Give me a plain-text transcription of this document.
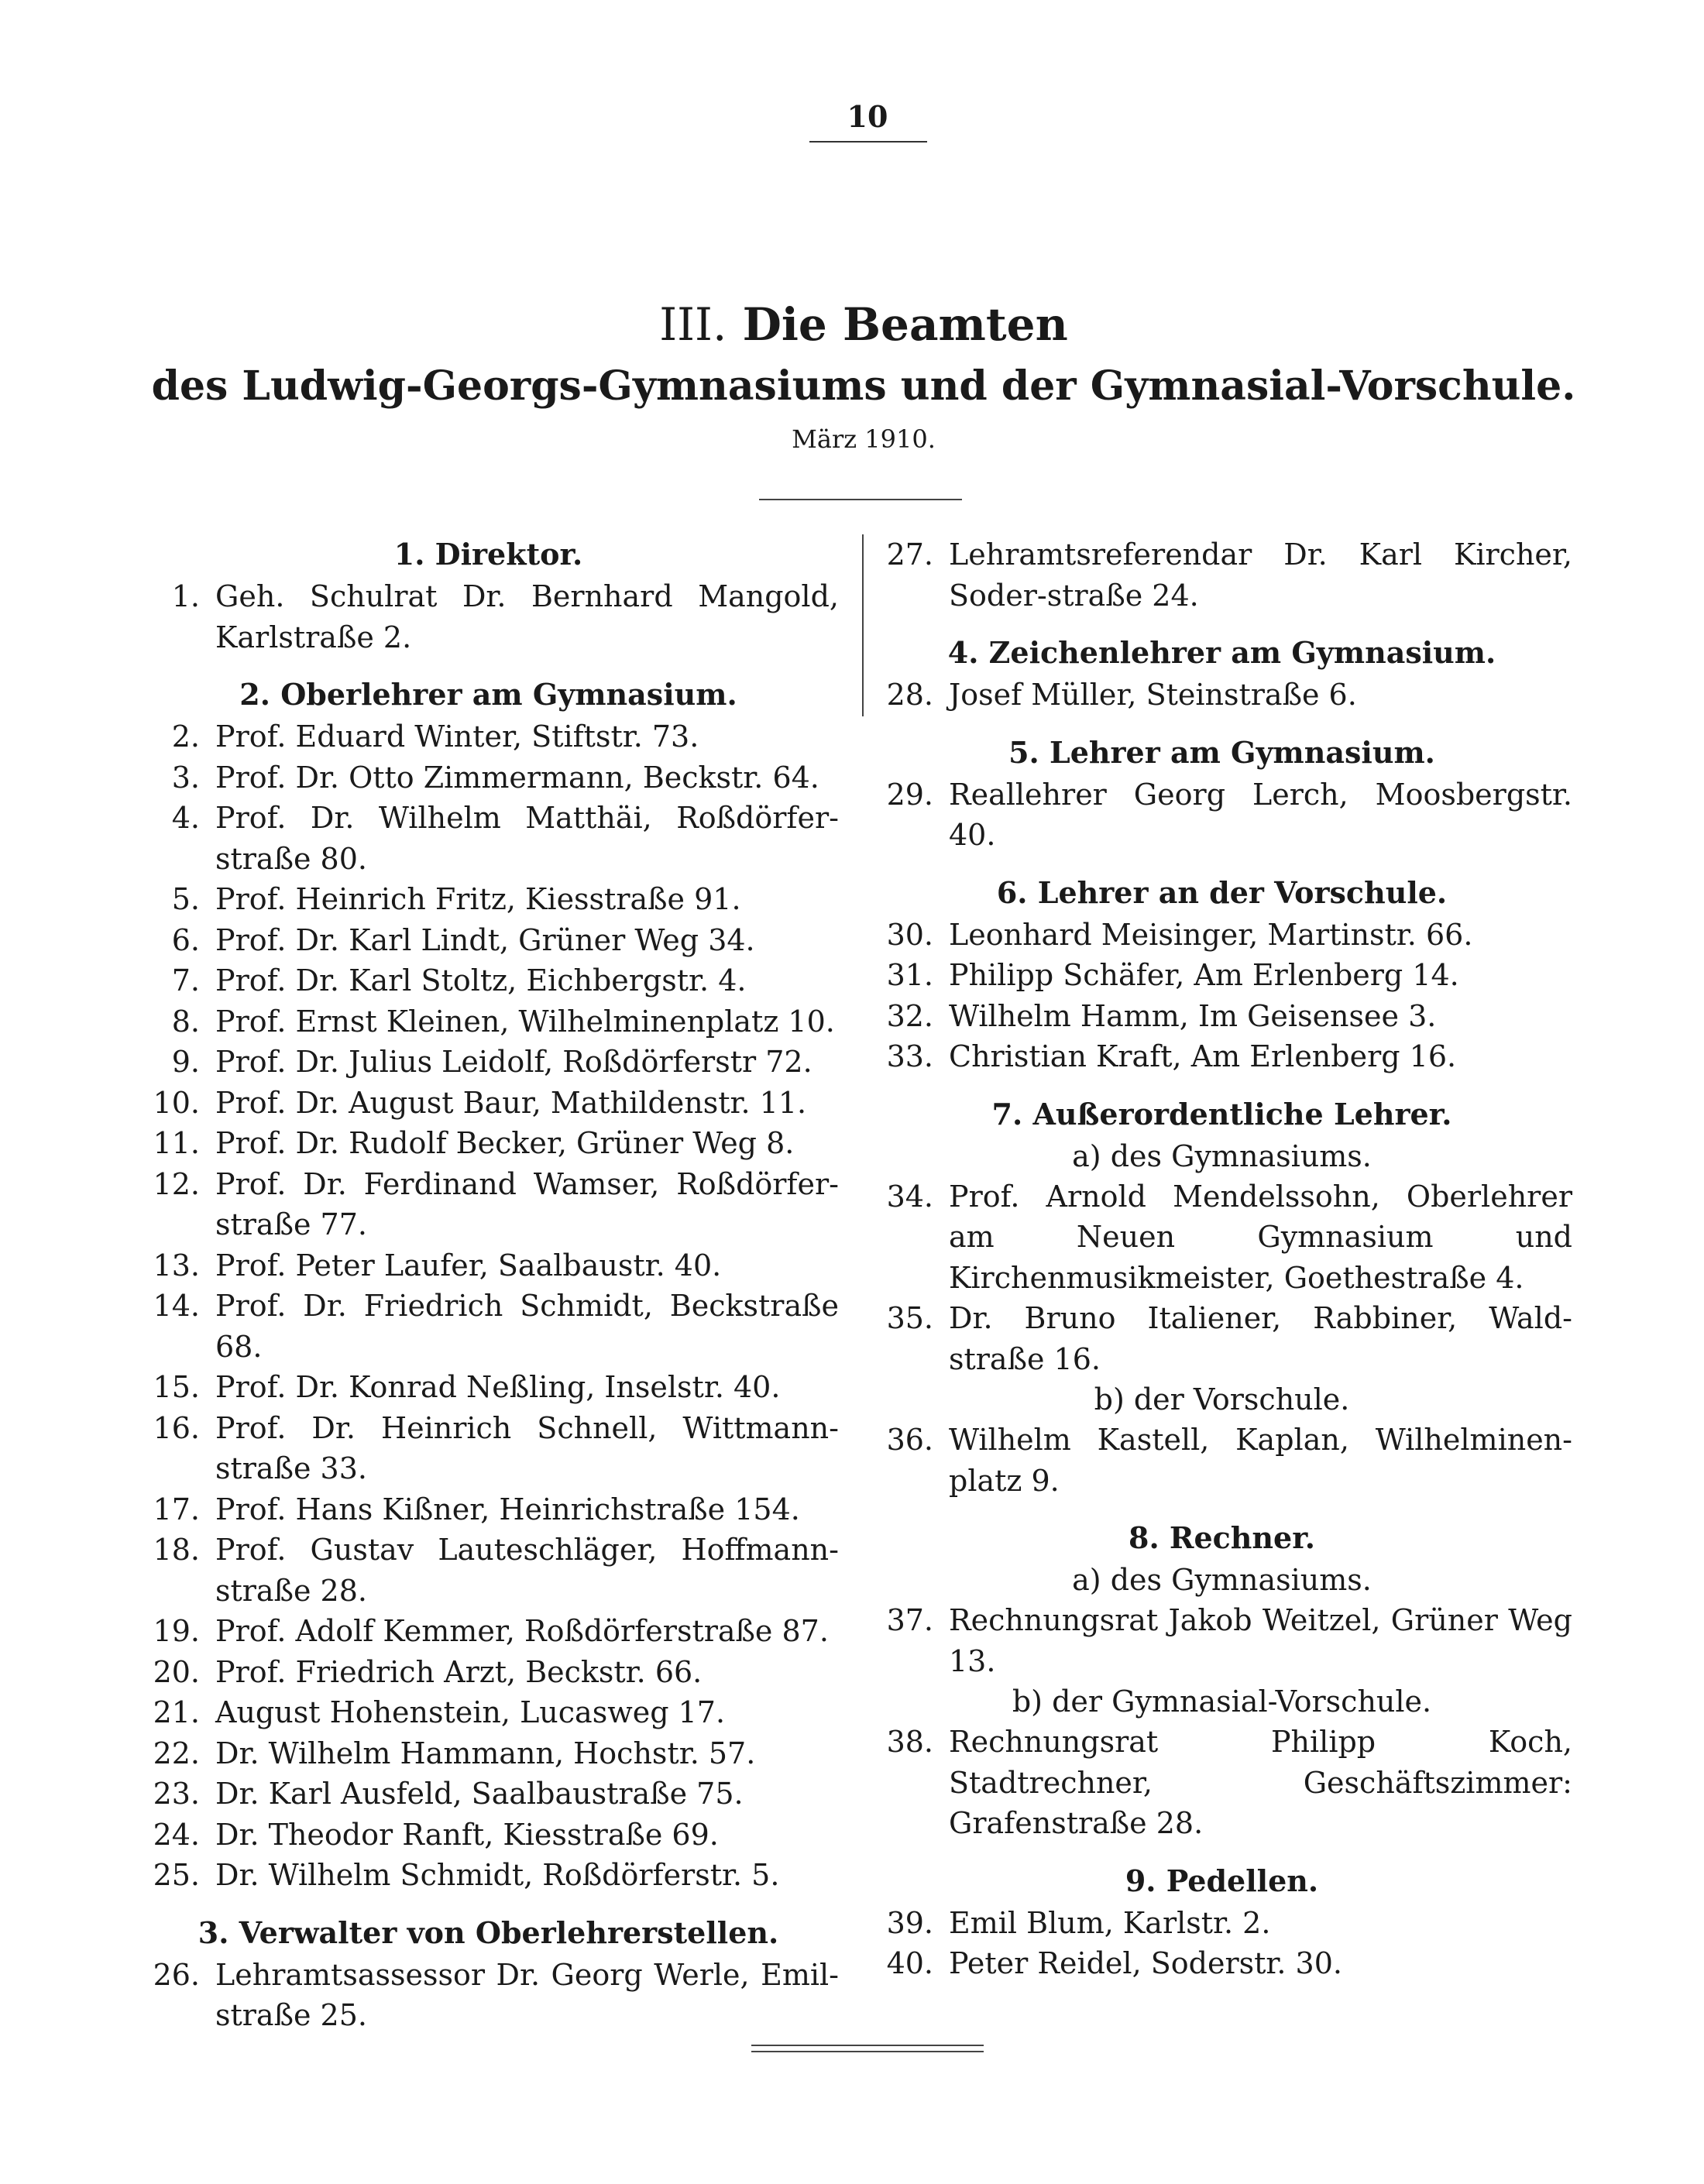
10
III. Die Beamten
des Ludwig-Georgs-Gymnasiums und der Gymnasial-Vorschule.
März 1910.
1. Direktor.
1. Geh. Schulrat Dr. Bernhard Mangold, Karlstraße 2.
2. Oberlehrer am Gymnasium.
2. Prof. Eduard Winter, Stiftstr. 73.
3. Prof. Dr. Otto Zimmermann, Beckstr. 64.
4. Prof. Dr. Wilhelm Matthäi, Roßdörfer-straße 80.
5. Prof. Heinrich Fritz, Kiesstraße 91.
6. Prof. Dr. Karl Lindt, Grüner Weg 34.
7. Prof. Dr. Karl Stoltz, Eichbergstr. 4.
8. Prof. Ernst Kleinen, Wilhelminenplatz 10.
9. Prof. Dr. Julius Leidolf, Roßdörferstr 72.
10. Prof. Dr. August Baur, Mathildenstr. 11.
11. Prof. Dr. Rudolf Becker, Grüner Weg 8.
12. Prof. Dr. Ferdinand Wamser, Roßdörfer-straße 77.
13. Prof. Peter Laufer, Saalbaustr. 40.
14. Prof. Dr. Friedrich Schmidt, Beckstraße 68.
15. Prof. Dr. Konrad Neßling, Inselstr. 40.
16. Prof. Dr. Heinrich Schnell, Wittmann-straße 33.
17. Prof. Hans Kißner, Heinrichstraße 154.
18. Prof. Gustav Lauteschläger, Hoffmann-straße 28.
19. Prof. Adolf Kemmer, Roßdörferstraße 87.
20. Prof. Friedrich Arzt, Beckstr. 66.
21. August Hohenstein, Lucasweg 17.
22. Dr. Wilhelm Hammann, Hochstr. 57.
23. Dr. Karl Ausfeld, Saalbaustraße 75.
24. Dr. Theodor Ranft, Kiesstraße 69.
25. Dr. Wilhelm Schmidt, Roßdörferstr. 5.
3. Verwalter von Oberlehrerstellen.
26. Lehramtsassessor Dr. Georg Werle, Emil-straße 25.
27. Lehramtsreferendar Dr. Karl Kircher, Soder-straße 24.
4. Zeichenlehrer am Gymnasium.
28. Josef Müller, Steinstraße 6.
5. Lehrer am Gymnasium.
29. Reallehrer Georg Lerch, Moosbergstr. 40.
6. Lehrer an der Vorschule.
30. Leonhard Meisinger, Martinstr. 66.
31. Philipp Schäfer, Am Erlenberg 14.
32. Wilhelm Hamm, Im Geisensee 3.
33. Christian Kraft, Am Erlenberg 16.
7. Außerordentliche Lehrer.
a) des Gymnasiums.
34. Prof. Arnold Mendelssohn, Oberlehrer am Neuen Gymnasium und Kirchenmusikmeister, Goethestraße 4.
35. Dr. Bruno Italiener, Rabbiner, Wald-straße 16.
b) der Vorschule.
36. Wilhelm Kastell, Kaplan, Wilhelminen-platz 9.
8. Rechner.
a) des Gymnasiums.
37. Rechnungsrat Jakob Weitzel, Grüner Weg 13.
b) der Gymnasial-Vorschule.
38. Rechnungsrat Philipp Koch, Stadtrechner, Geschäftszimmer: Grafenstraße 28.
9. Pedellen.
39. Emil Blum, Karlstr. 2.
40. Peter Reidel, Soderstr. 30.
